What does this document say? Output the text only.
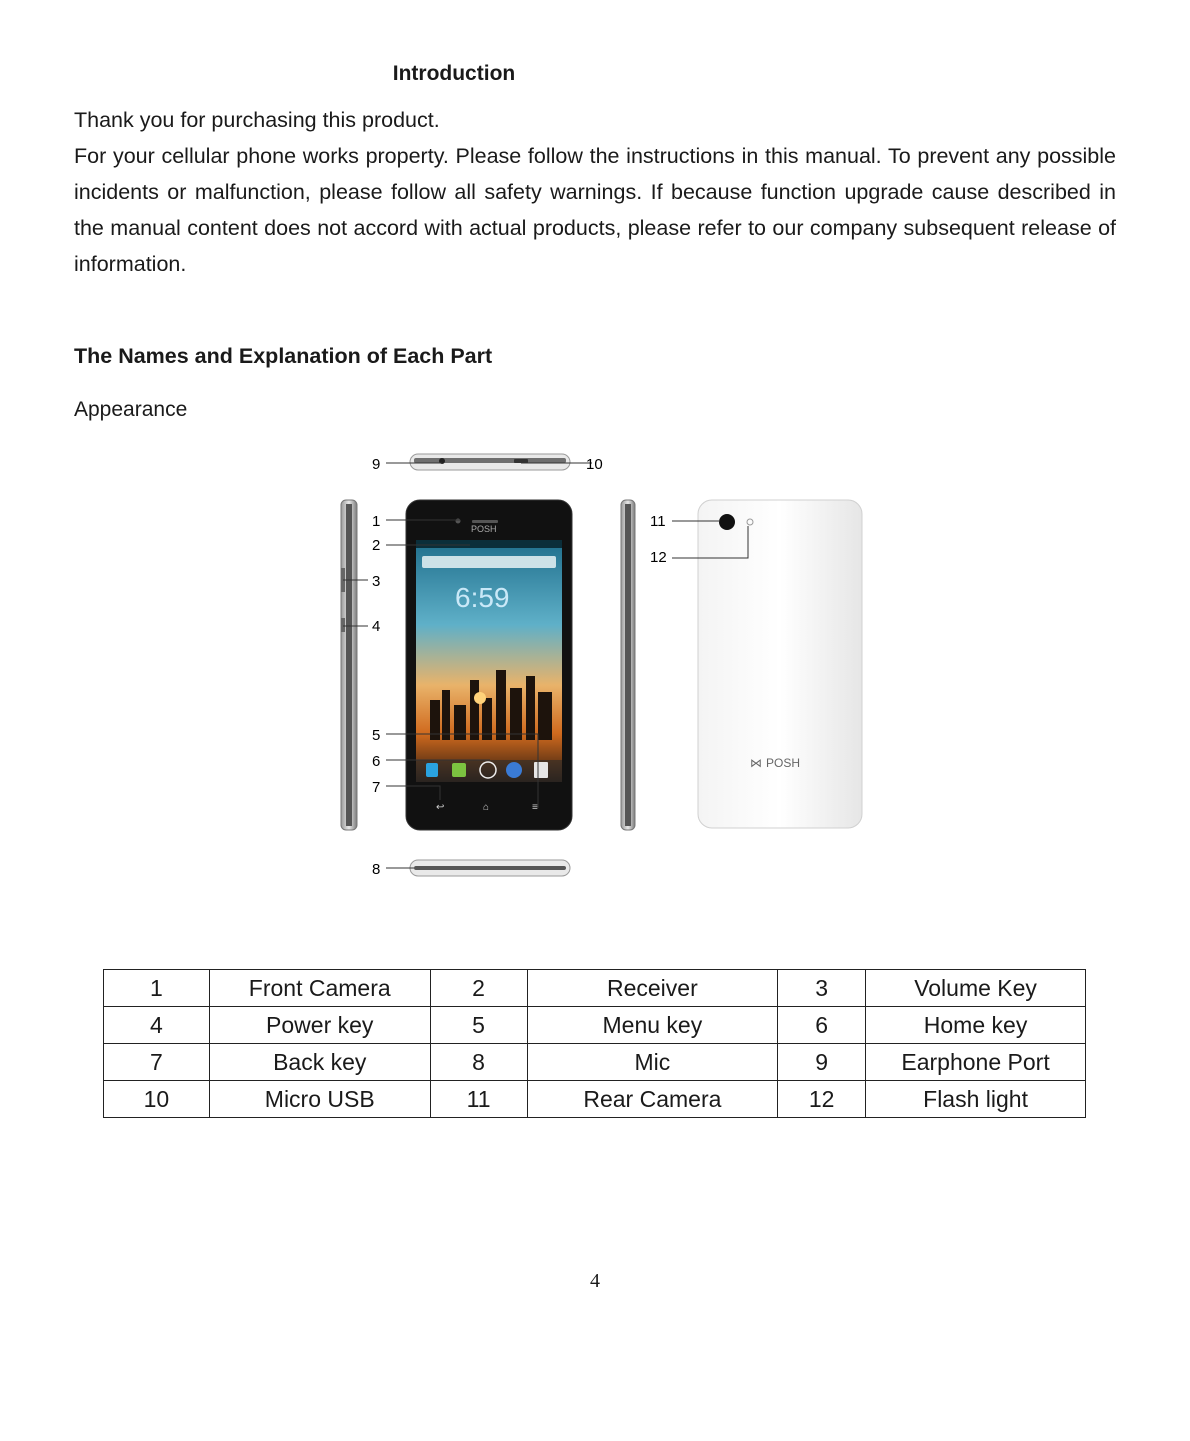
Introduction
Thank you for purchasing this product.
For your cellular phone works property. Please follow the instructions in this manual. To prevent any possible incidents or malfunction, please follow all safety warnings. If because function upgrade cause described in the manual content does not accord with actual products, please refer to our company subsequent release of information.
The Names and Explanation of Each Part
Appearance
9	10
3
4
6:59
POSH
↩	⌂	≡
1
2
5
6
7
8
POSH
⋈
11
12
1	Front Camera	2	Receiver	3	Volume Key
4	Power key	5	Menu key	6	Home key
7	Back key	8	Mic	9	Earphone Port
10	Micro USB	11	Rear Camera	12	Flash light
4
